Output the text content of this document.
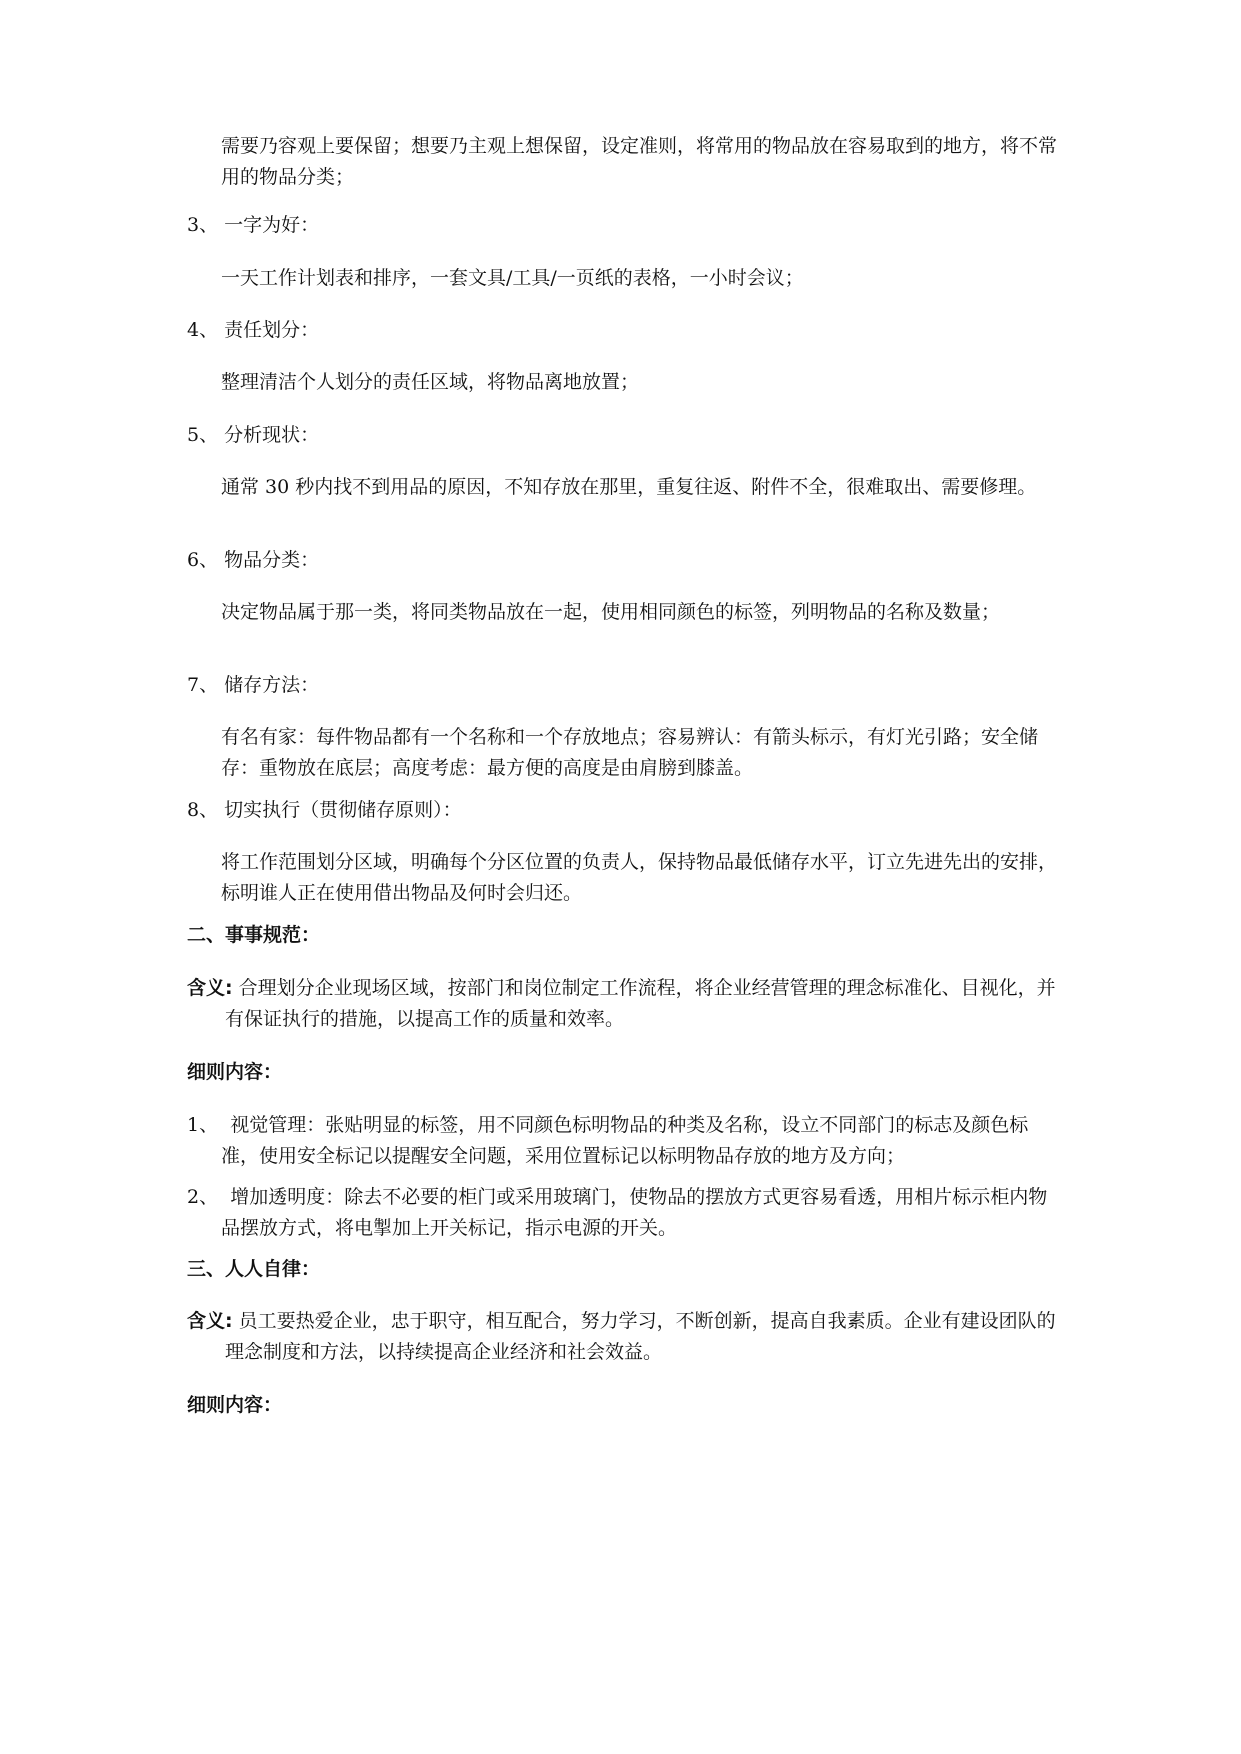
需要乃容观上要保留；想要乃主观上想保留，设定准则，将常用的物品放在容易取到的地方，将不常用的物品分类；

3、 一字为好：

一天工作计划表和排序，一套文具/工具/一页纸的表格，一小时会议；

4、 责任划分：

整理清洁个人划分的责任区域，将物品离地放置；

5、 分析现状：

通常 30 秒内找不到用品的原因，不知存放在那里，重复往返、附件不全，很难取出、需要修理。

6、 物品分类：

决定物品属于那一类，将同类物品放在一起，使用相同颜色的标签，列明物品的名称及数量；

7、 储存方法：

有名有家：每件物品都有一个名称和一个存放地点；容易辨认：有箭头标示，有灯光引路；安全储存：重物放在底层；高度考虑：最方便的高度是由肩膀到膝盖。

8、 切实执行（贯彻储存原则）：

将工作范围划分区域，明确每个分区位置的负责人，保持物品最低储存水平，订立先进先出的安排，标明谁人正在使用借出物品及何时会归还。

二、事事规范：

含义: 合理划分企业现场区域，按部门和岗位制定工作流程，将企业经营管理的理念标准化、目视化，并有保证执行的措施，以提高工作的质量和效率。

细则内容：

1、 视觉管理：张贴明显的标签，用不同颜色标明物品的种类及名称，设立不同部门的标志及颜色标准，使用安全标记以提醒安全问题，采用位置标记以标明物品存放的地方及方向；

2、 增加透明度：除去不必要的柜门或采用玻璃门，使物品的摆放方式更容易看透，用相片标示柜内物品摆放方式，将电掣加上开关标记，指示电源的开关。

三、人人自律：

含义: 员工要热爱企业，忠于职守，相互配合，努力学习，不断创新，提高自我素质。企业有建设团队的理念制度和方法，以持续提高企业经济和社会效益。

细则内容：
